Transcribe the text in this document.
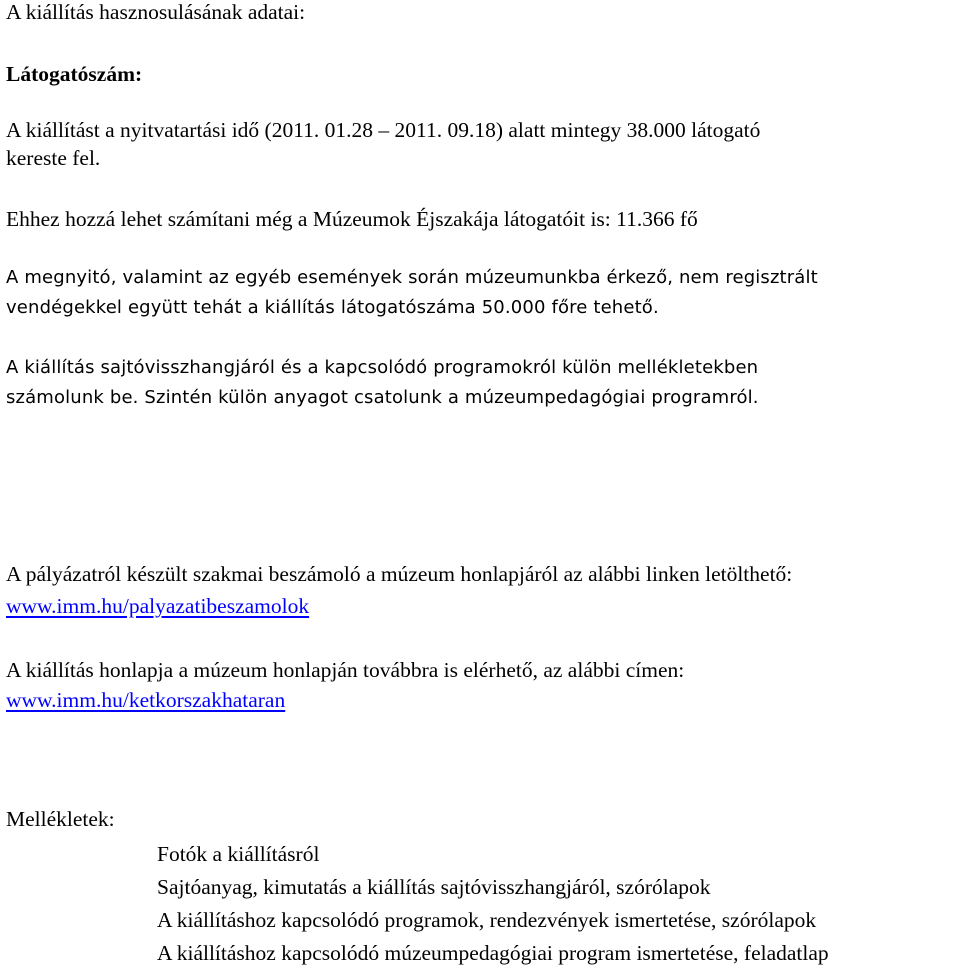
A kiállítás hasznosulásának adatai:
Látogatószám:
A kiállítást a nyitvatartási idő (2011. 01.28 – 2011. 09.18) alatt mintegy 38.000 látogató
kereste fel.
Ehhez hozzá lehet számítani még a Múzeumok Éjszakája látogatóit is: 11.366 fő
A megnyitó, valamint az egyéb események során múzeumunkba érkező, nem regisztrált
vendégekkel együtt tehát a kiállítás látogatószáma 50.000 főre tehető.
A kiállítás sajtóvisszhangjáról és a kapcsolódó programokról külön mellékletekben
számolunk be. Szintén külön anyagot csatolunk a múzeumpedagógiai programról.
A pályázatról készült szakmai beszámoló a múzeum honlapjáról az alábbi linken letölthető:
www.imm.hu/palyazatibeszamolok
A kiállítás honlapja a múzeum honlapján továbbra is elérhető, az alábbi címen:
www.imm.hu/ketkorszakhataran
Mellékletek:
Fotók a kiállításról
Sajtóanyag, kimutatás a kiállítás sajtóvisszhangjáról, szórólapok
A kiállításhoz kapcsolódó programok, rendezvények ismertetése, szórólapok
A kiállításhoz kapcsolódó múzeumpedagógiai program ismertetése, feladatlap
